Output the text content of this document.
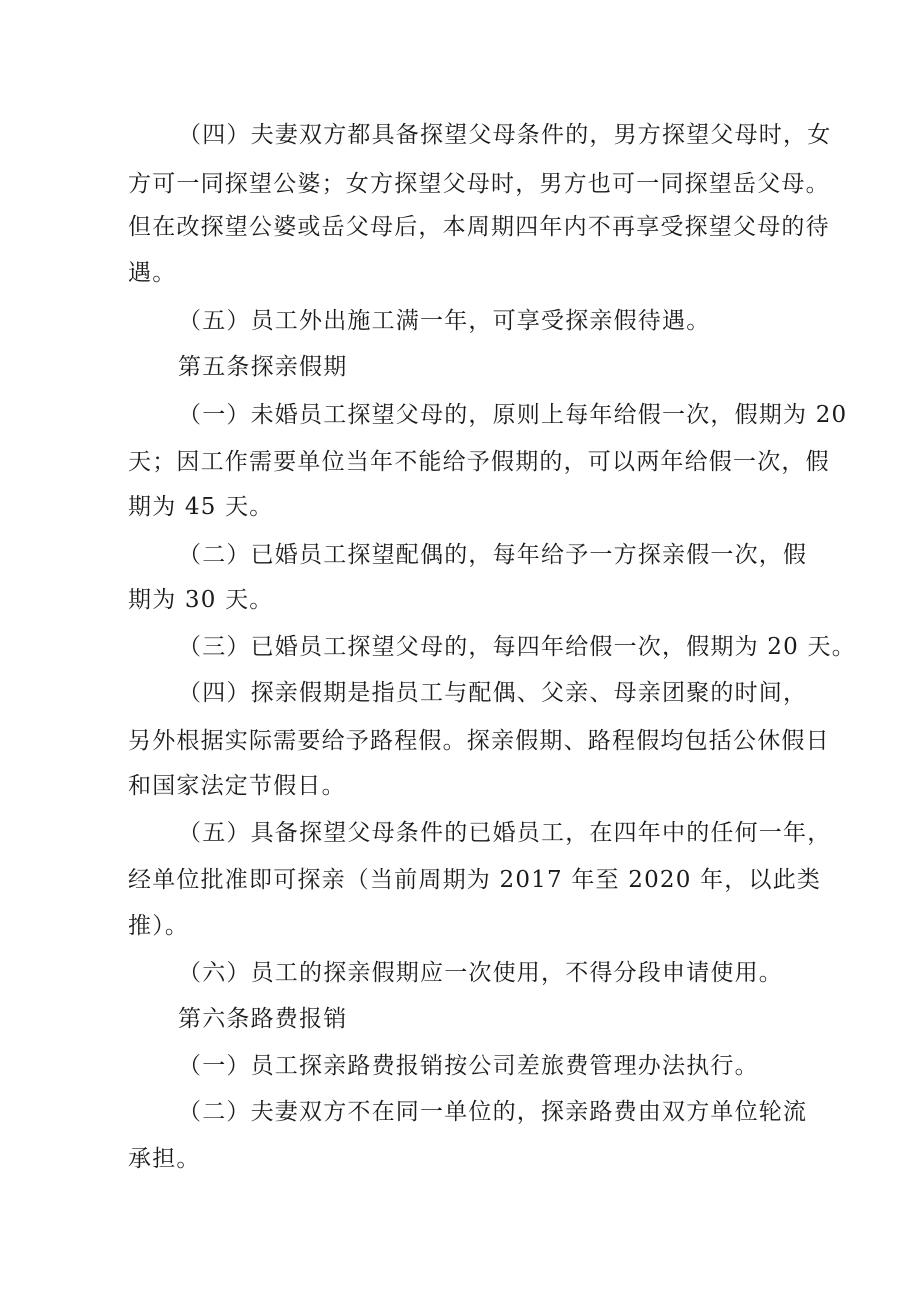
（四）夫妻双方都具备探望父母条件的，男方探望父母时，女

方可一同探望公婆；女方探望父母时，男方也可一同探望岳父母。

但在改探望公婆或岳父母后，本周期四年内不再享受探望父母的待

遇。

（五）员工外出施工满一年，可享受探亲假待遇。

第五条探亲假期

（一）未婚员工探望父母的，原则上每年给假一次，假期为 20

天；因工作需要单位当年不能给予假期的，可以两年给假一次，假

期为 45 天。

（二）已婚员工探望配偶的，每年给予一方探亲假一次，假

期为 30 天。

（三）已婚员工探望父母的，每四年给假一次，假期为 20 天。

（四）探亲假期是指员工与配偶、父亲、母亲团聚的时间，

另外根据实际需要给予路程假。探亲假期、路程假均包括公休假日

和国家法定节假日。

（五）具备探望父母条件的已婚员工，在四年中的任何一年，

经单位批准即可探亲（当前周期为 2017 年至 2020 年，以此类

推）。

（六）员工的探亲假期应一次使用，不得分段申请使用。

第六条路费报销

（一）员工探亲路费报销按公司差旅费管理办法执行。

（二）夫妻双方不在同一单位的，探亲路费由双方单位轮流

承担。
